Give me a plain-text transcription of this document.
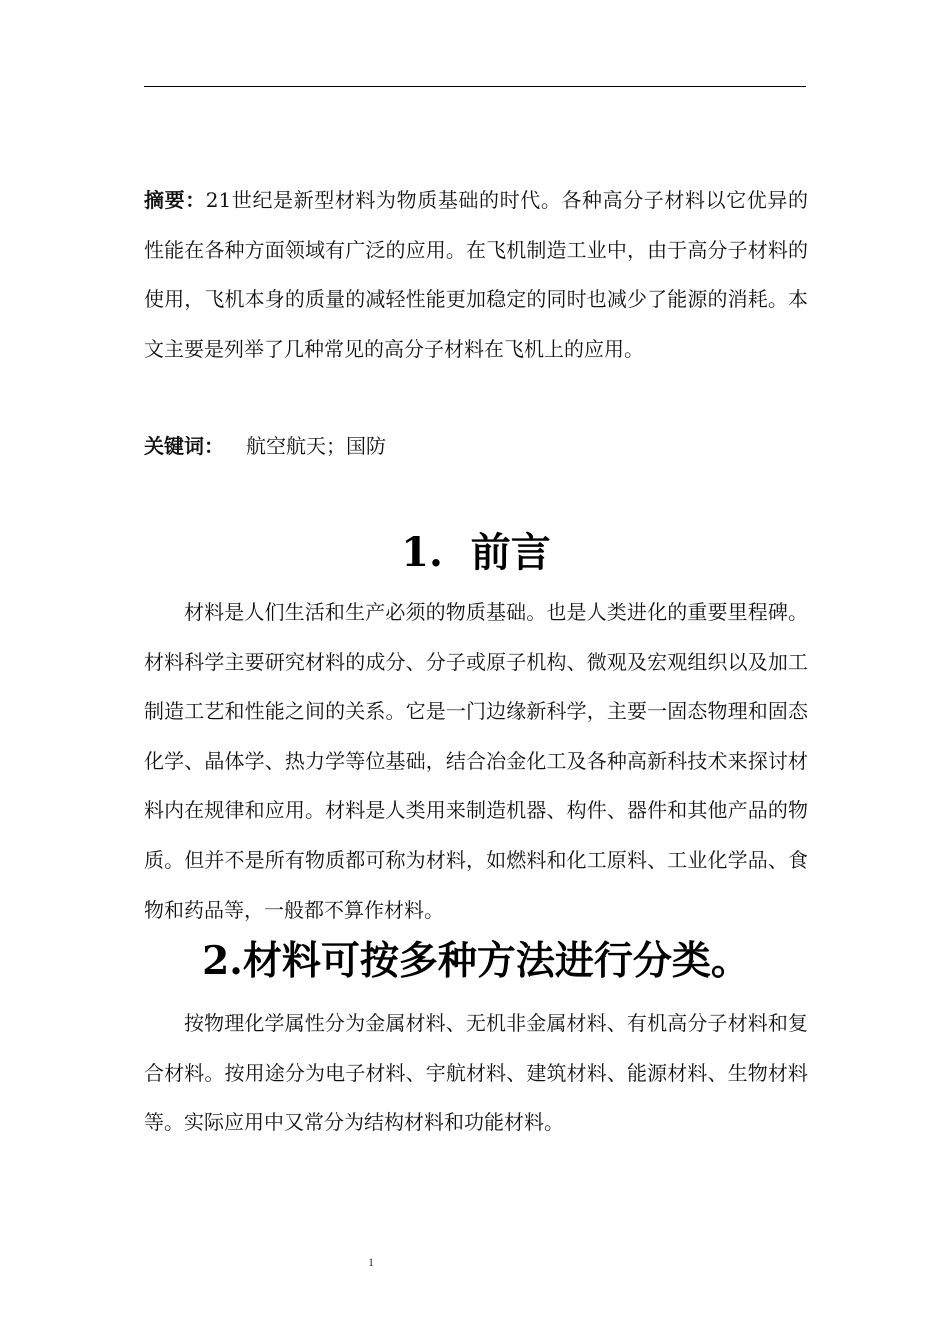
摘要：21世纪是新型材料为物质基础的时代。各种高分子材料以它优异的性能在各种方面领域有广泛的应用。在飞机制造工业中，由于高分子材料的使用，飞机本身的质量的减轻性能更加稳定的同时也减少了能源的消耗。本文主要是列举了几种常见的高分子材料在飞机上的应用。

关键词： 航空航天；国防

1.  前言

材料是人们生活和生产必须的物质基础。也是人类进化的重要里程碑。材料科学主要研究材料的成分、分子或原子机构、微观及宏观组织以及加工制造工艺和性能之间的关系。它是一门边缘新科学，主要一固态物理和固态化学、晶体学、热力学等位基础，结合冶金化工及各种高新科技术来探讨材料内在规律和应用。材料是人类用来制造机器、构件、器件和其他产品的物质。但并不是所有物质都可称为材料，如燃料和化工原料、工业化学品、食物和药品等，一般都不算作材料。

2.材料可按多种方法进行分类。

按物理化学属性分为金属材料、无机非金属材料、有机高分子材料和复合材料。按用途分为电子材料、宇航材料、建筑材料、能源材料、生物材料等。实际应用中又常分为结构材料和功能材料。

1
